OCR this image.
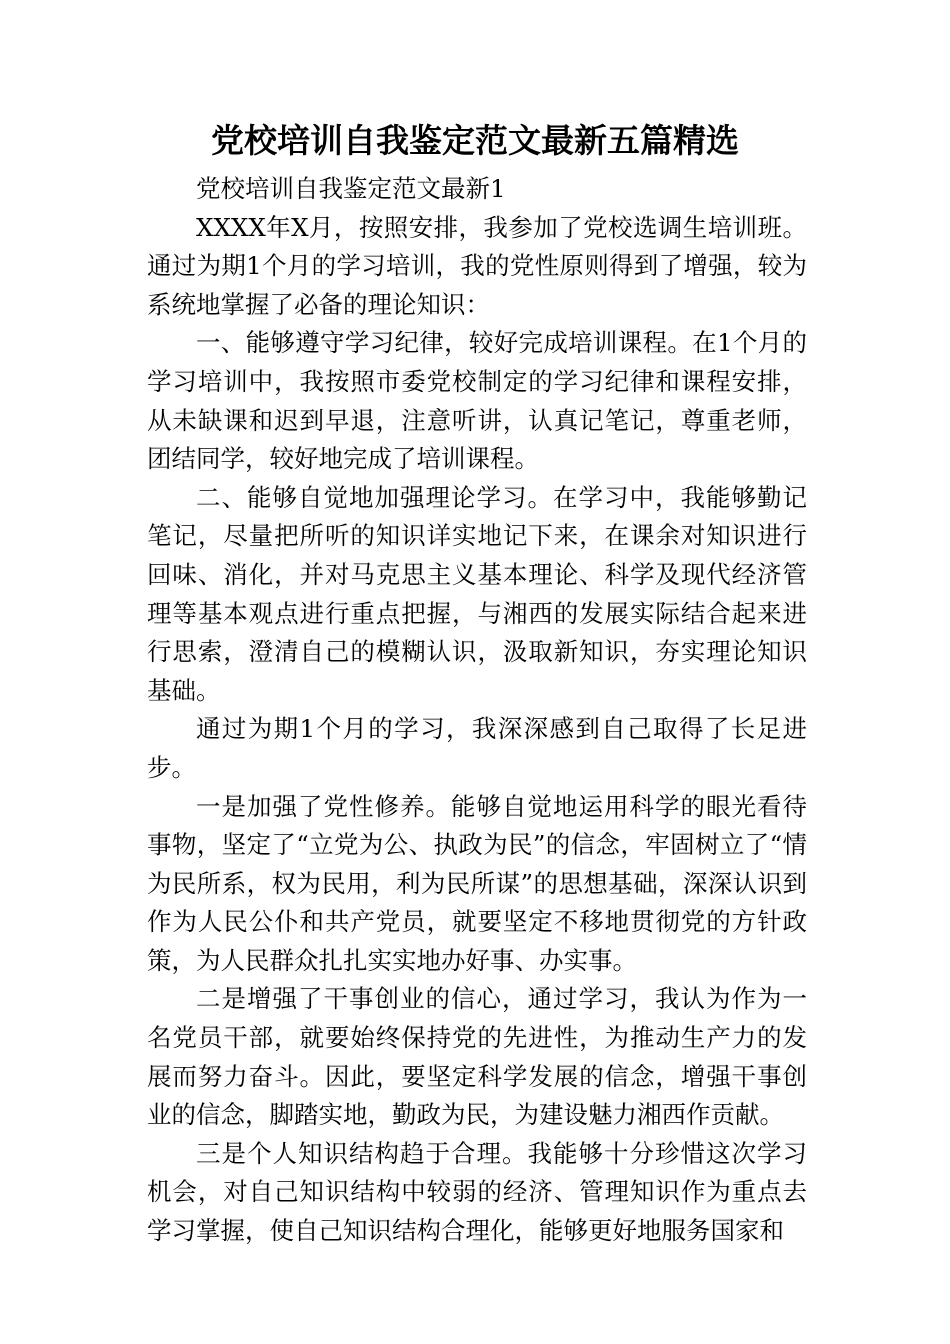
党校培训自我鉴定范文最新五篇精选

党校培训自我鉴定范文最新1

XXXX年X月，按照安排，我参加了党校选调生培训班。通过为期1个月的学习培训，我的党性原则得到了增强，较为系统地掌握了必备的理论知识：

一、能够遵守学习纪律，较好完成培训课程。在1个月的学习培训中，我按照市委党校制定的学习纪律和课程安排，从未缺课和迟到早退，注意听讲，认真记笔记，尊重老师，团结同学，较好地完成了培训课程。

二、能够自觉地加强理论学习。在学习中，我能够勤记笔记，尽量把所听的知识详实地记下来，在课余对知识进行回味、消化，并对马克思主义基本理论、科学及现代经济管理等基本观点进行重点把握，与湘西的发展实际结合起来进行思索，澄清自己的模糊认识，汲取新知识，夯实理论知识基础。

通过为期1个月的学习，我深深感到自己取得了长足进步。

一是加强了党性修养。能够自觉地运用科学的眼光看待事物，坚定了“立党为公、执政为民”的信念，牢固树立了“情为民所系，权为民用，利为民所谋”的思想基础，深深认识到作为人民公仆和共产党员，就要坚定不移地贯彻党的方针政策，为人民群众扎扎实实地办好事、办实事。

二是增强了干事创业的信心，通过学习，我认为作为一名党员干部，就要始终保持党的先进性，为推动生产力的发展而努力奋斗。因此，要坚定科学发展的信念，增强干事创业的信念，脚踏实地，勤政为民，为建设魅力湘西作贡献。

三是个人知识结构趋于合理。我能够十分珍惜这次学习机会，对自己知识结构中较弱的经济、管理知识作为重点去学习掌握，使自己知识结构合理化，能够更好地服务国家和
